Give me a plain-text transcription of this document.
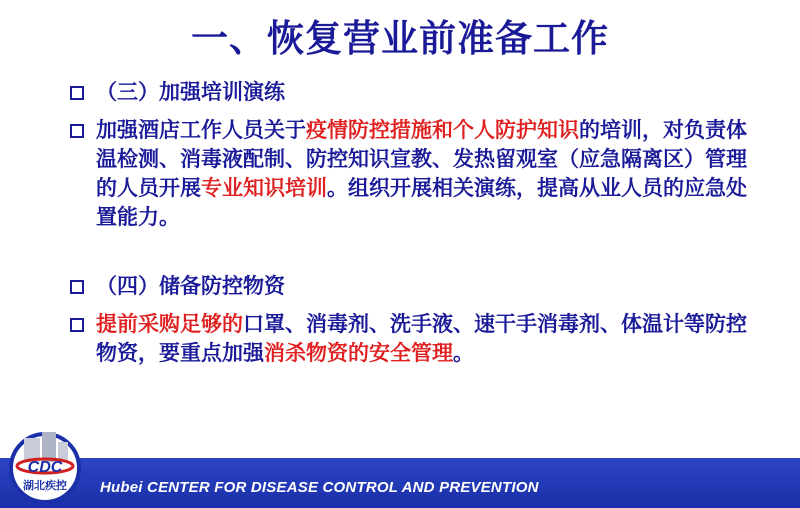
一、恢复营业前准备工作
（三）加强培训演练
加强酒店工作人员关于疫情防控措施和个人防护知识的培训，对负责体温检测、消毒液配制、防控知识宣教、发热留观室（应急隔离区）管理的人员开展专业知识培训。组织开展相关演练，提高从业人员的应急处置能力。
（四）储备防控物资
提前采购足够的口罩、消毒剂、洗手液、速干手消毒剂、体温计等防控物资，要重点加强消杀物资的安全管理。
Hubei CENTER FOR DISEASE CONTROL AND PREVENTION
CDC
湖北疾控
